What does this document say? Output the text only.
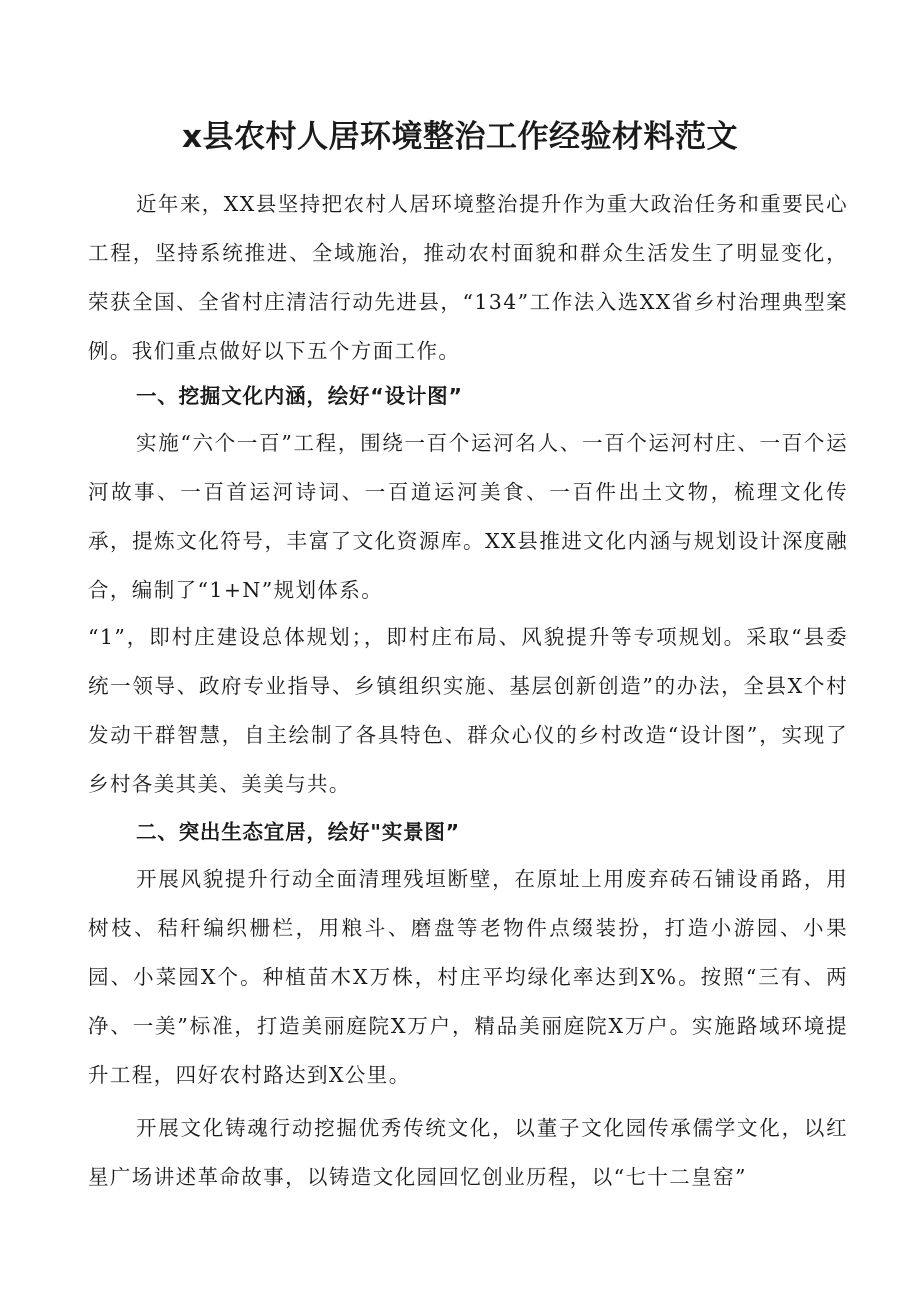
x县农村人居环境整治工作经验材料范文

近年来，XX县坚持把农村人居环境整治提升作为重大政治任务和重要民心工程，坚持系统推进、全域施治，推动农村面貌和群众生活发生了明显变化，荣获全国、全省村庄清洁行动先进县，“134”工作法入选XX省乡村治理典型案例。我们重点做好以下五个方面工作。

一、挖掘文化内涵，绘好“设计图”

实施“六个一百”工程，围绕一百个运河名人、一百个运河村庄、一百个运河故事、一百首运河诗词、一百道运河美食、一百件出土文物，梳理文化传承，提炼文化符号，丰富了文化资源库。XX县推进文化内涵与规划设计深度融合，编制了“1+N”规划体系。

“1”，即村庄建设总体规划；，即村庄布局、风貌提升等专项规划。采取“县委统一领导、政府专业指导、乡镇组织实施、基层创新创造”的办法，全县X个村发动干群智慧，自主绘制了各具特色、群众心仪的乡村改造“设计图”，实现了乡村各美其美、美美与共。

二、突出生态宜居，绘好"实景图”

开展风貌提升行动全面清理残垣断壁，在原址上用废弃砖石铺设甬路，用树枝、秸秆编织栅栏，用粮斗、磨盘等老物件点缀装扮，打造小游园、小果园、小菜园X个。种植苗木X万株，村庄平均绿化率达到X%。按照“三有、两净、一美”标准，打造美丽庭院X万户，精品美丽庭院X万户。实施路域环境提升工程，四好农村路达到X公里。

开展文化铸魂行动挖掘优秀传统文化，以董子文化园传承儒学文化，以红星广场讲述革命故事，以铸造文化园回忆创业历程，以“七十二皇窑”
